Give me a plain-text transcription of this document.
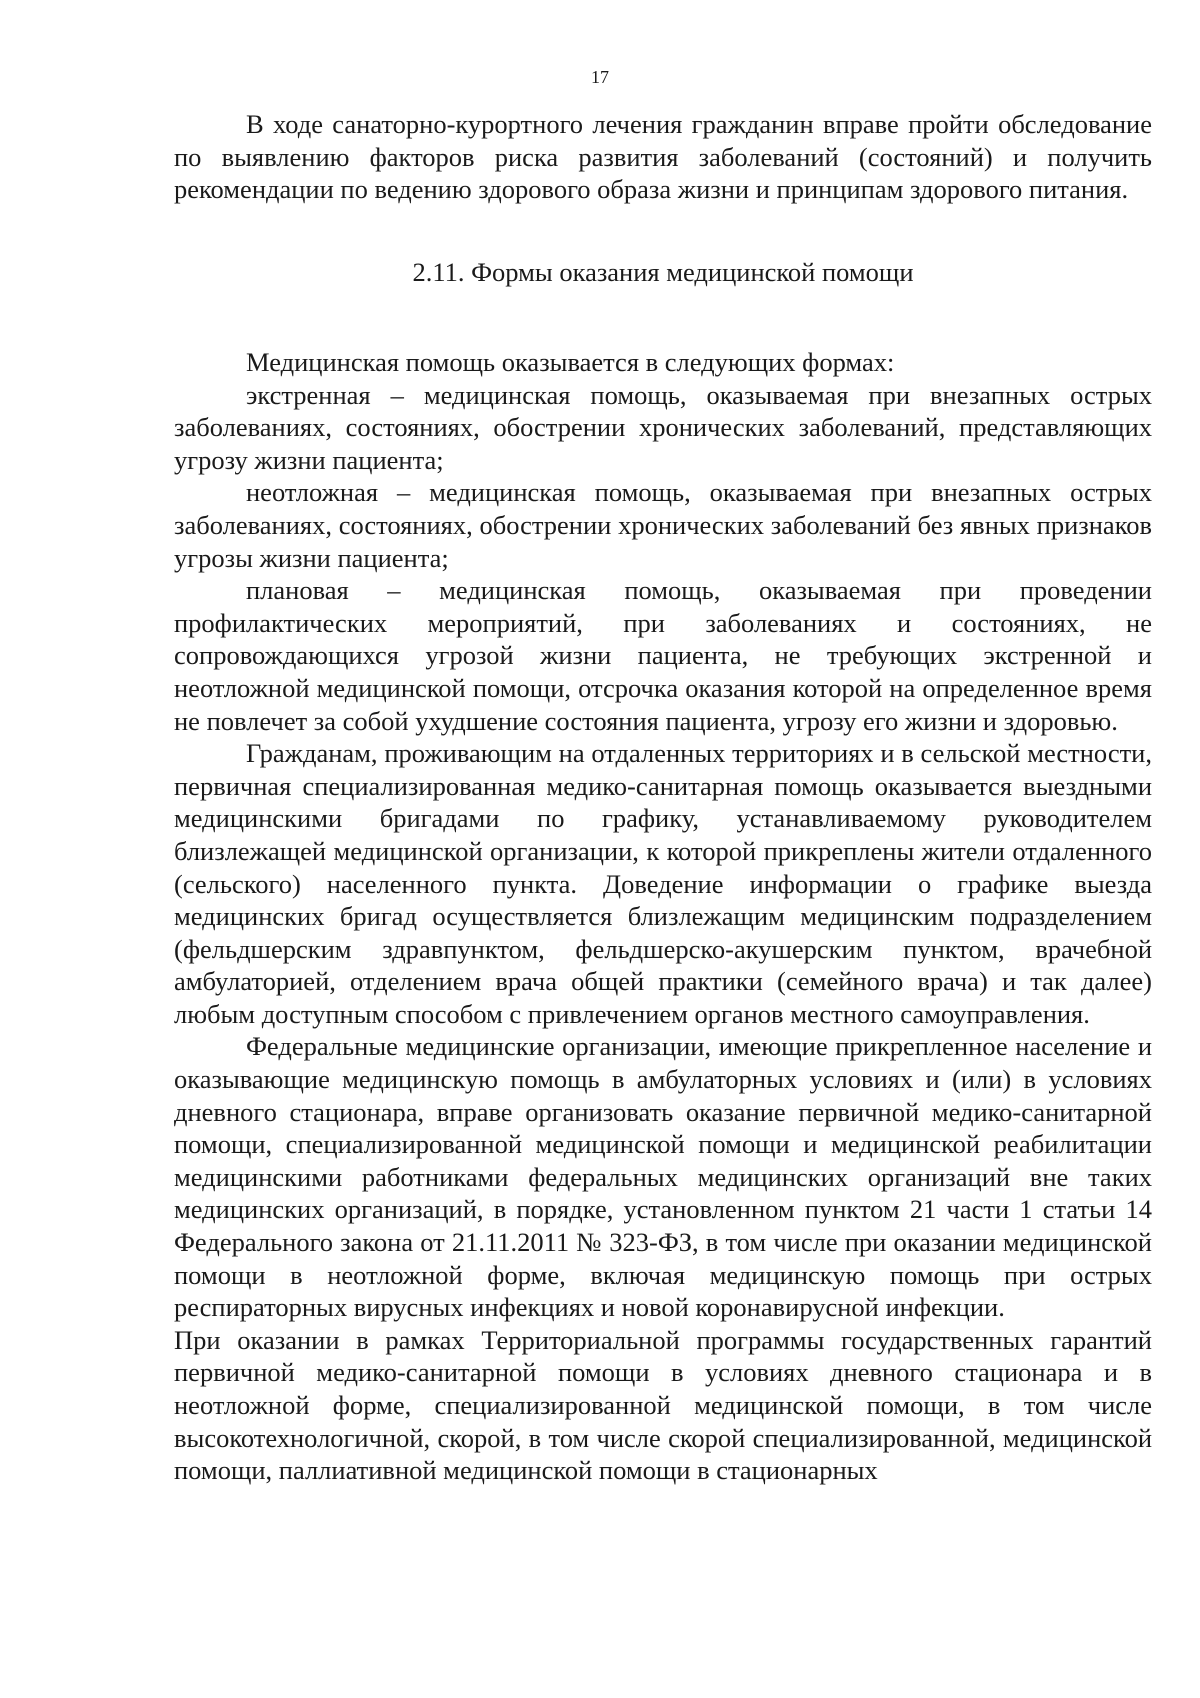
17

В ходе санаторно-курортного лечения гражданин вправе пройти обследование по выявлению факторов риска развития заболеваний (состояний) и получить рекомендации по ведению здорового образа жизни и принципам здорового питания.

2.11. Формы оказания медицинской помощи

Медицинская помощь оказывается в следующих формах:

экстренная – медицинская помощь, оказываемая при внезапных острых заболеваниях, состояниях, обострении хронических заболеваний, представляющих угрозу жизни пациента;

неотложная – медицинская помощь, оказываемая при внезапных острых заболеваниях, состояниях, обострении хронических заболеваний без явных признаков угрозы жизни пациента;

плановая – медицинская помощь, оказываемая при проведении профилактических мероприятий, при заболеваниях и состояниях, не сопровождающихся угрозой жизни пациента, не требующих экстренной и неотложной медицинской помощи, отсрочка оказания которой на определенное время не повлечет за собой ухудшение состояния пациента, угрозу его жизни и здоровью.

Гражданам, проживающим на отдаленных территориях и в сельской местности, первичная специализированная медико-санитарная помощь оказывается выездными медицинскими бригадами по графику, устанавливаемому руководителем близлежащей медицинской организации, к которой прикреплены жители отдаленного (сельского) населенного пункта. Доведение информации о графике выезда медицинских бригад осуществляется близлежащим медицинским подразделением (фельдшерским здравпунктом, фельдшерско-акушерским пунктом, врачебной амбулаторией, отделением врача общей практики (семейного врача) и так далее) любым доступным способом с привлечением органов местного самоуправления.

Федеральные медицинские организации, имеющие прикрепленное население и оказывающие медицинскую помощь в амбулаторных условиях и (или) в условиях дневного стационара, вправе организовать оказание первичной медико-санитарной помощи, специализированной медицинской помощи и медицинской реабилитации медицинскими работниками федеральных медицинских организаций вне таких медицинских организаций, в порядке, установленном пунктом 21 части 1 статьи 14 Федерального закона от 21.11.2011 № 323-ФЗ, в том числе при оказании медицинской помощи в неотложной форме, включая медицинскую помощь при острых респираторных вирусных инфекциях и новой коронавирусной инфекции.

При оказании в рамках Территориальной программы государственных гарантий первичной медико-санитарной помощи в условиях дневного стационара и в неотложной форме, специализированной медицинской помощи, в том числе высокотехнологичной, скорой, в том числе скорой специализированной, медицинской помощи, паллиативной медицинской помощи в стационарных
